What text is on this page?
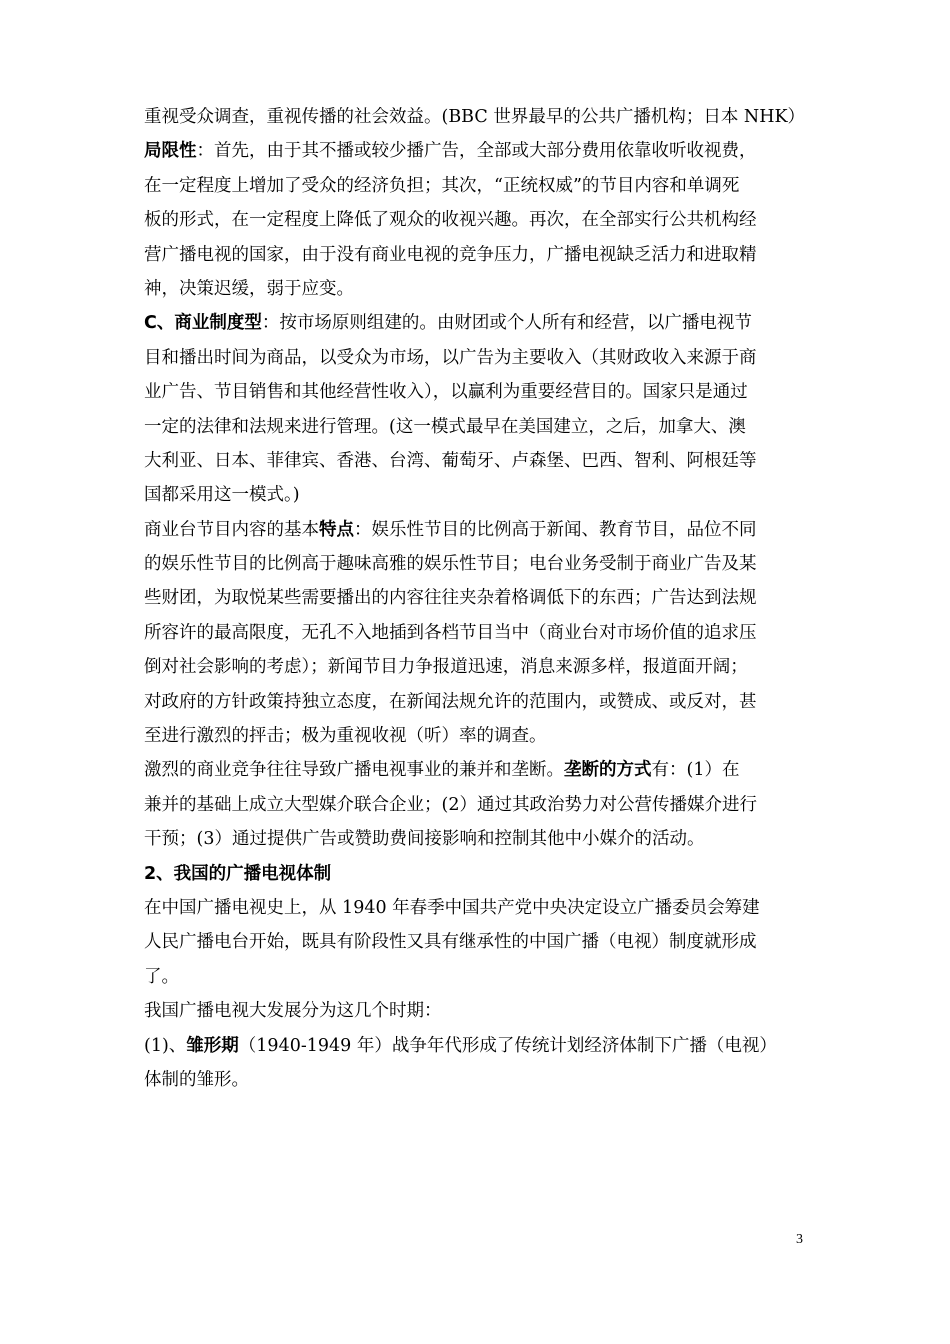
重视受众调查，重视传播的社会效益。(BBC 世界最早的公共广播机构；日本 NHK）
局限性：首先，由于其不播或较少播广告，全部或大部分费用依靠收听收视费，
在一定程度上增加了受众的经济负担；其次，“正统权威”的节目内容和单调死
板的形式，在一定程度上降低了观众的收视兴趣。再次，在全部实行公共机构经
营广播电视的国家，由于没有商业电视的竞争压力，广播电视缺乏活力和进取精
神，决策迟缓，弱于应变。
C、商业制度型：按市场原则组建的。由财团或个人所有和经营，以广播电视节
目和播出时间为商品，以受众为市场，以广告为主要收入（其财政收入来源于商
业广告、节目销售和其他经营性收入），以赢利为重要经营目的。国家只是通过
一定的法律和法规来进行管理。(这一模式最早在美国建立，之后，加拿大、澳
大利亚、日本、菲律宾、香港、台湾、葡萄牙、卢森堡、巴西、智利、阿根廷等
国都采用这一模式。)
商业台节目内容的基本特点：娱乐性节目的比例高于新闻、教育节目，品位不同
的娱乐性节目的比例高于趣味高雅的娱乐性节目；电台业务受制于商业广告及某
些财团，为取悦某些需要播出的内容往往夹杂着格调低下的东西；广告达到法规
所容许的最高限度，无孔不入地插到各档节目当中（商业台对市场价值的追求压
倒对社会影响的考虑）；新闻节目力争报道迅速，消息来源多样，报道面开阔；
对政府的方针政策持独立态度，在新闻法规允许的范围内，或赞成、或反对，甚
至进行激烈的抨击；极为重视收视（听）率的调查。
激烈的商业竞争往往导致广播电视事业的兼并和垄断。垄断的方式有：(1）在
兼并的基础上成立大型媒介联合企业；(2）通过其政治势力对公营传播媒介进行
干预；(3）通过提供广告或赞助费间接影响和控制其他中小媒介的活动。
2、我国的广播电视体制
在中国广播电视史上，从 1940 年春季中国共产党中央决定设立广播委员会筹建
人民广播电台开始，既具有阶段性又具有继承性的中国广播（电视）制度就形成
了。
我国广播电视大发展分为这几个时期：
(1)、雏形期（1940-1949 年）战争年代形成了传统计划经济体制下广播（电视）
体制的雏形。
3
